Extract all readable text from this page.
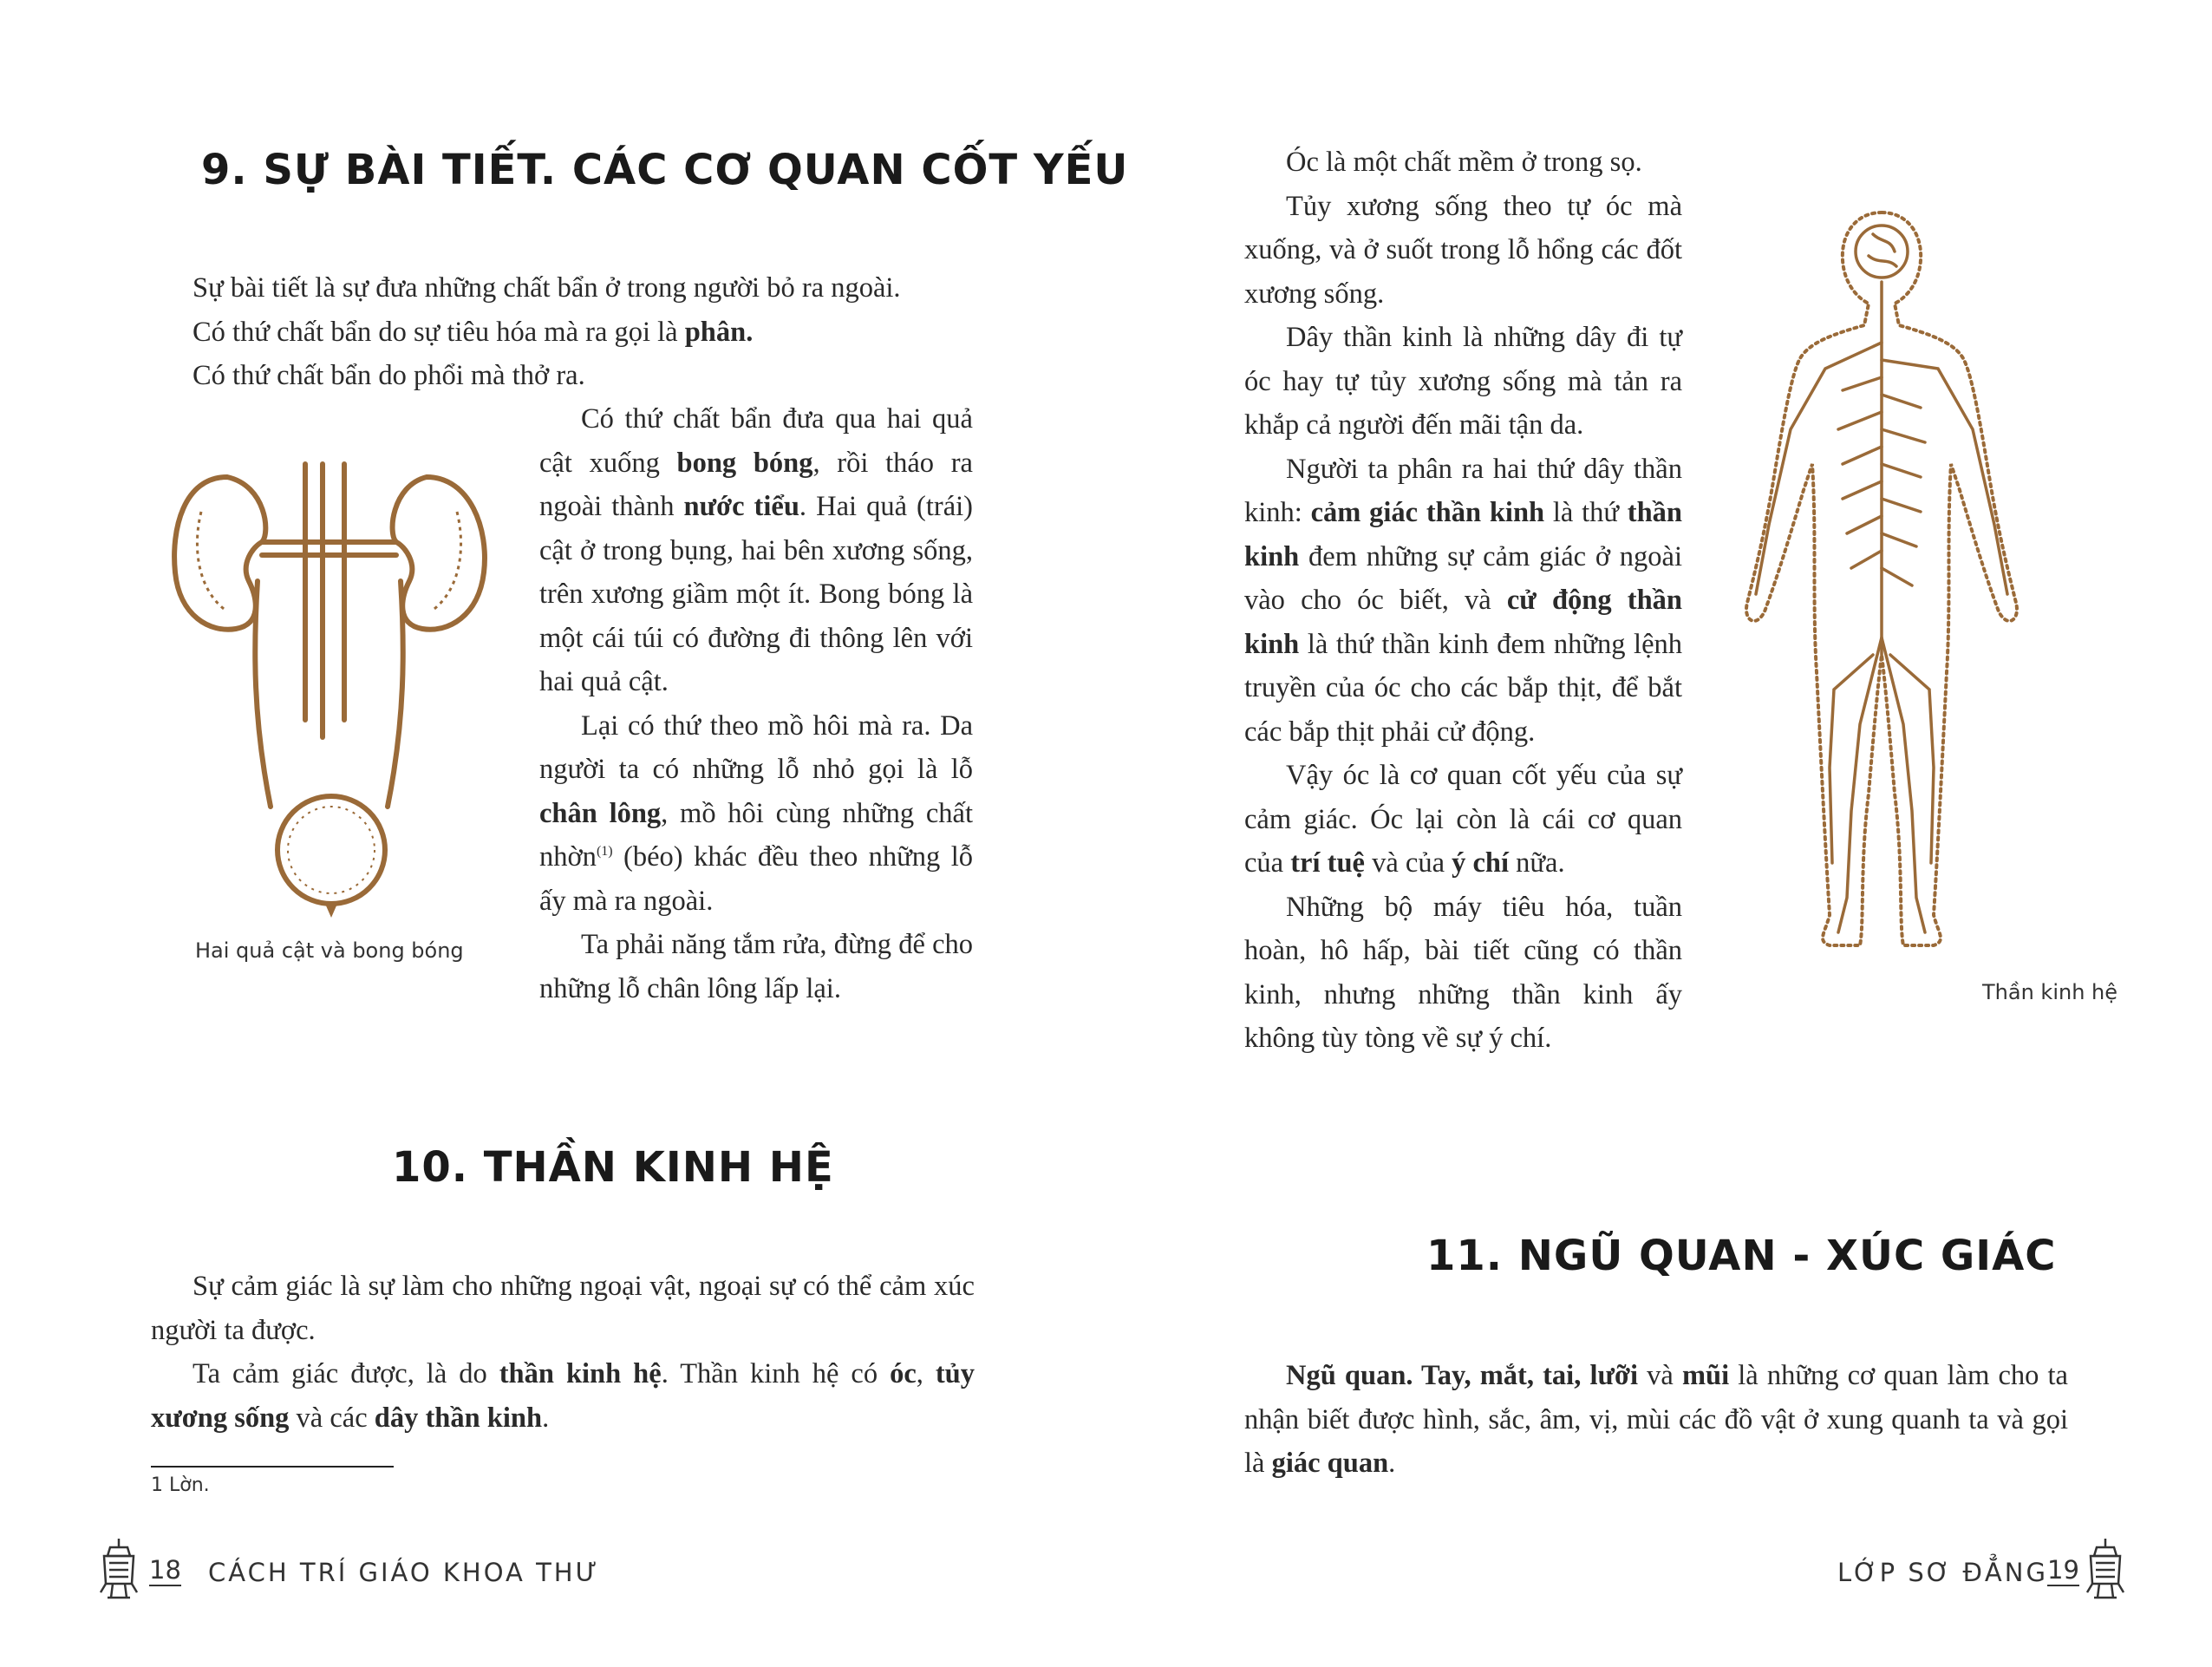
9. SỰ BÀI TIẾT. CÁC CƠ QUAN CỐT YẾU

Sự bài tiết là sự đưa những chất bẩn ở trong người bỏ ra ngoài.

Có thứ chất bẩn do sự tiêu hóa mà ra gọi là phân.

Có thứ chất bẩn do phổi mà thở ra.

Hai quả cật và bong bóng

Có thứ chất bẩn đưa qua hai quả cật xuống bong bóng, rồi tháo ra ngoài thành nước tiểu. Hai quả (trái) cật ở trong bụng, hai bên xương sống, trên xương giầm một ít. Bong bóng là một cái túi có đường đi thông lên với hai quả cật.

Lại có thứ theo mồ hôi mà ra. Da người ta có những lỗ nhỏ gọi là lỗ chân lông, mồ hôi cùng những chất nhờn$^{(1)}$ (béo) khác đều theo những lỗ ấy mà ra ngoài.

Ta phải năng tắm rửa, đừng để cho những lỗ chân lông lấp lại.

10. THẦN KINH HỆ

Sự cảm giác là sự làm cho những ngoại vật, ngoại sự có thể cảm xúc người ta được.

Ta cảm giác được, là do thần kinh hệ. Thần kinh hệ có óc, tủy xương sống và các dây thần kinh.

1 Lờn.
18 CÁCH TRÍ GIÁO KHOA THƯ

Óc là một chất mềm ở trong sọ.

Tủy xương sống theo tự óc mà xuống, và ở suốt trong lỗ hổng các đốt xương sống.

Dây thần kinh là những dây đi tự óc hay tự tủy xương sống mà tản ra khắp cả người đến mãi tận da.

Người ta phân ra hai thứ dây thần kinh: cảm giác thần kinh là thứ thần kinh đem những sự cảm giác ở ngoài vào cho óc biết, và cử động thần kinh là thứ thần kinh đem những lệnh truyền của óc cho các bắp thịt, để bắt các bắp thịt phải cử động.

Vậy óc là cơ quan cốt yếu của sự cảm giác. Óc lại còn là cái cơ quan của trí tuệ và của ý chí nữa.

Những bộ máy tiêu hóa, tuần hoàn, hô hấp, bài tiết cũng có thần kinh, nhưng những thần kinh ấy không tùy tòng về sự ý chí.

Thần kinh hệ
11. NGŨ QUAN - XÚC GIÁC

Ngũ quan. Tay, mắt, tai, lưỡi và mũi là những cơ quan làm cho ta nhận biết được hình, sắc, âm, vị, mùi các đồ vật ở xung quanh ta và gọi là giác quan.

LỚP SƠ ĐẲNG 19
